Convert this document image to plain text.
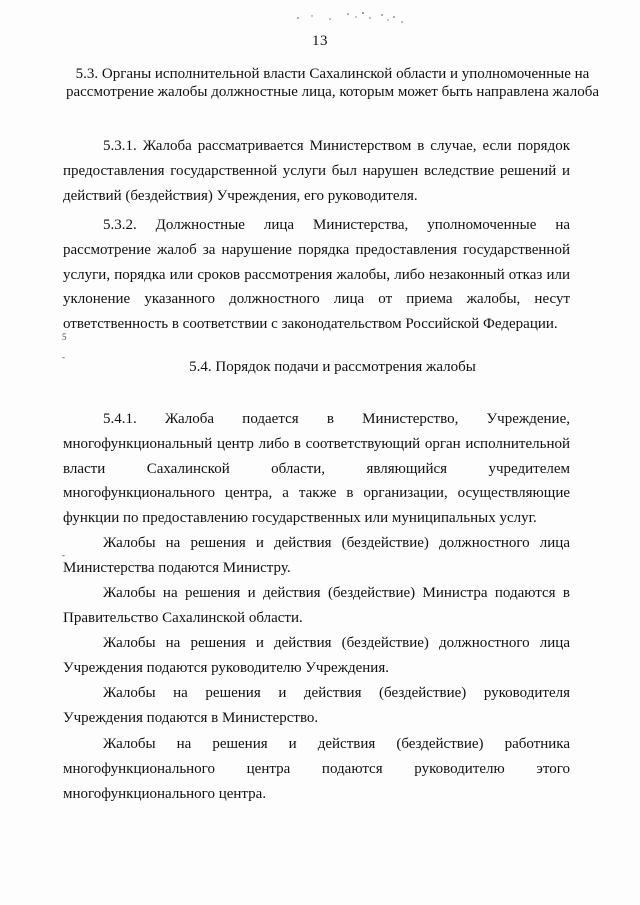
13
5.3. Органы исполнительной власти Сахалинской области и уполномоченные на рассмотрение жалобы должностные лица, которым может быть направлена жалоба

5.3.1. Жалоба рассматривается Министерством в случае, если порядок предоставления государственной услуги был нарушен вследствие решений и действий (бездействия) Учреждения, его руководителя.

5.3.2. Должностные лица Министерства, уполномоченные на рассмотрение жалоб за нарушение порядка предоставления государственной услуги, порядка или сроков рассмотрения жалобы, либо незаконный отказ или уклонение указанного должностного лица от приема жалобы, несут ответственность в соответствии с законодательством Российской Федерации.

5
-
5.4. Порядок подачи и рассмотрения жалобы

5.4.1. Жалоба подается в Министерство, Учреждение, многофункциональный центр либо в соответствующий орган исполнительной власти Сахалинской области, являющийся учредителем многофункционального центра, а также в организации, осуществляющие функции по предоставлению государственных или муниципальных услуг.

-

Жалобы на решения и действия (бездействие) должностного лица Министерства подаются Министру.

Жалобы на решения и действия (бездействие) Министра подаются в Правительство Сахалинской области.

Жалобы на решения и действия (бездействие) должностного лица Учреждения подаются руководителю Учреждения.

Жалобы на решения и действия (бездействие) руководителя Учреждения подаются в Министерство.

Жалобы на решения и действия (бездействие) работника многофункционального центра подаются руководителю этого многофункционального центра.
